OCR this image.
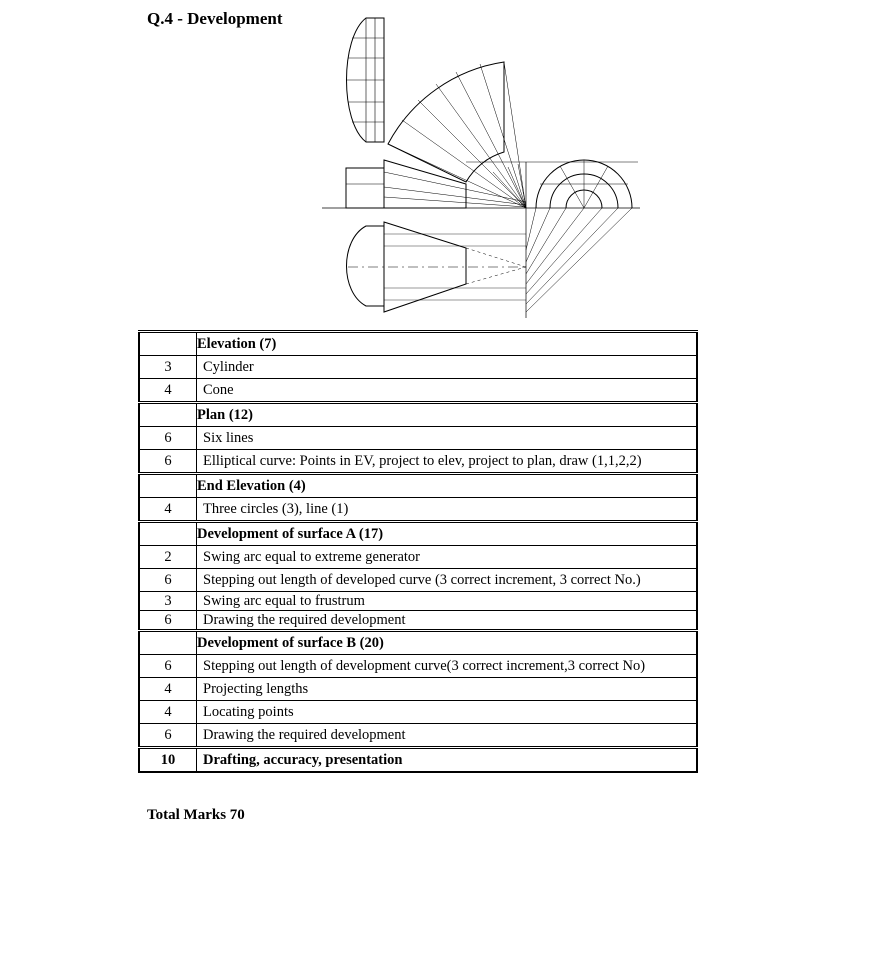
Q.4 - Development
	Elevation (7)
3	Cylinder
4	Cone
	Plan (12)
6	Six lines
6	Elliptical curve: Points in EV, project to elev, project to plan, draw (1,1,2,2)
	End Elevation (4)
4	Three circles (3), line (1)
	Development of surface A (17)
2	Swing arc equal to extreme generator
6	Stepping out length of developed curve (3 correct increment, 3 correct No.)
3	Swing arc equal to frustrum
6	Drawing the required development
	Development of surface B (20)
6	Stepping out length of development curve(3 correct increment,3 correct No)
4	Projecting lengths
4	Locating points
6	Drawing the required development
10	Drafting, accuracy, presentation
Total Marks 70
